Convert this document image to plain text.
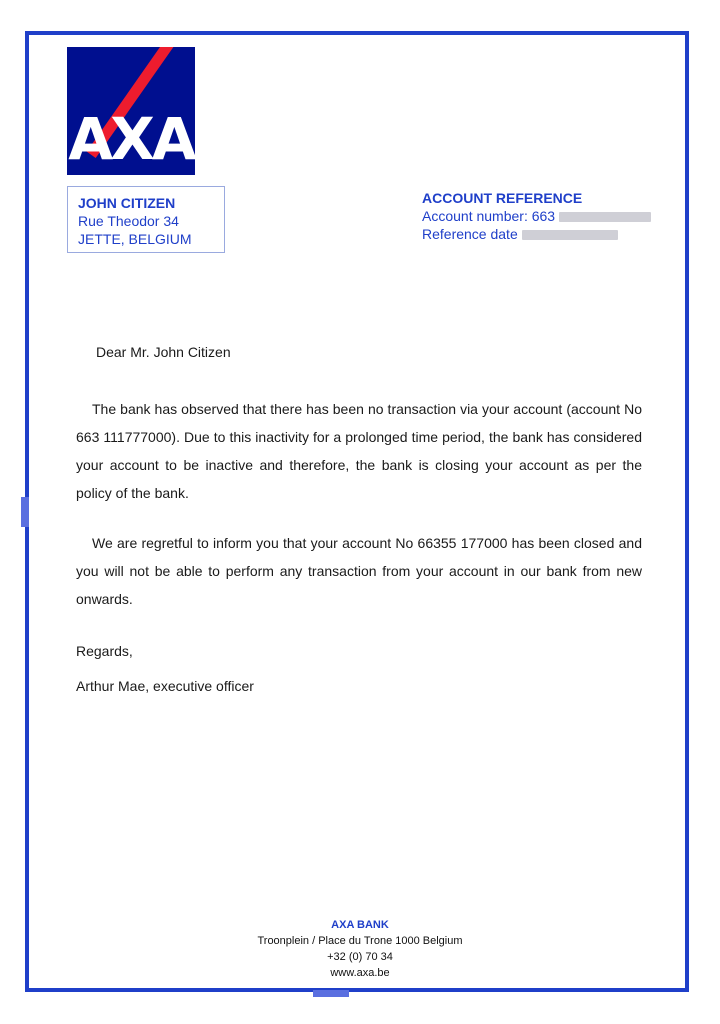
AXA
JOHN CITIZEN
Rue Theodor 34
JETTE, BELGIUM
ACCOUNT REFERENCE
Account number: 663
Reference date
Dear Mr. John Citizen
The bank has observed that there has been no transaction via your account (account No 663 111777000). Due to this inactivity for a prolonged time period, the bank has considered your account to be inactive and therefore, the bank is closing your account as per the policy of the bank.
We are regretful to inform you that your account No 66355 177000 has been closed and you will not be able to perform any transaction from your account in our bank from new onwards.
Regards,
Arthur Mae, executive officer
AXA BANK
Troonplein / Place du Trone 1000 Belgium
+32 (0) 70 34
www.axa.be
